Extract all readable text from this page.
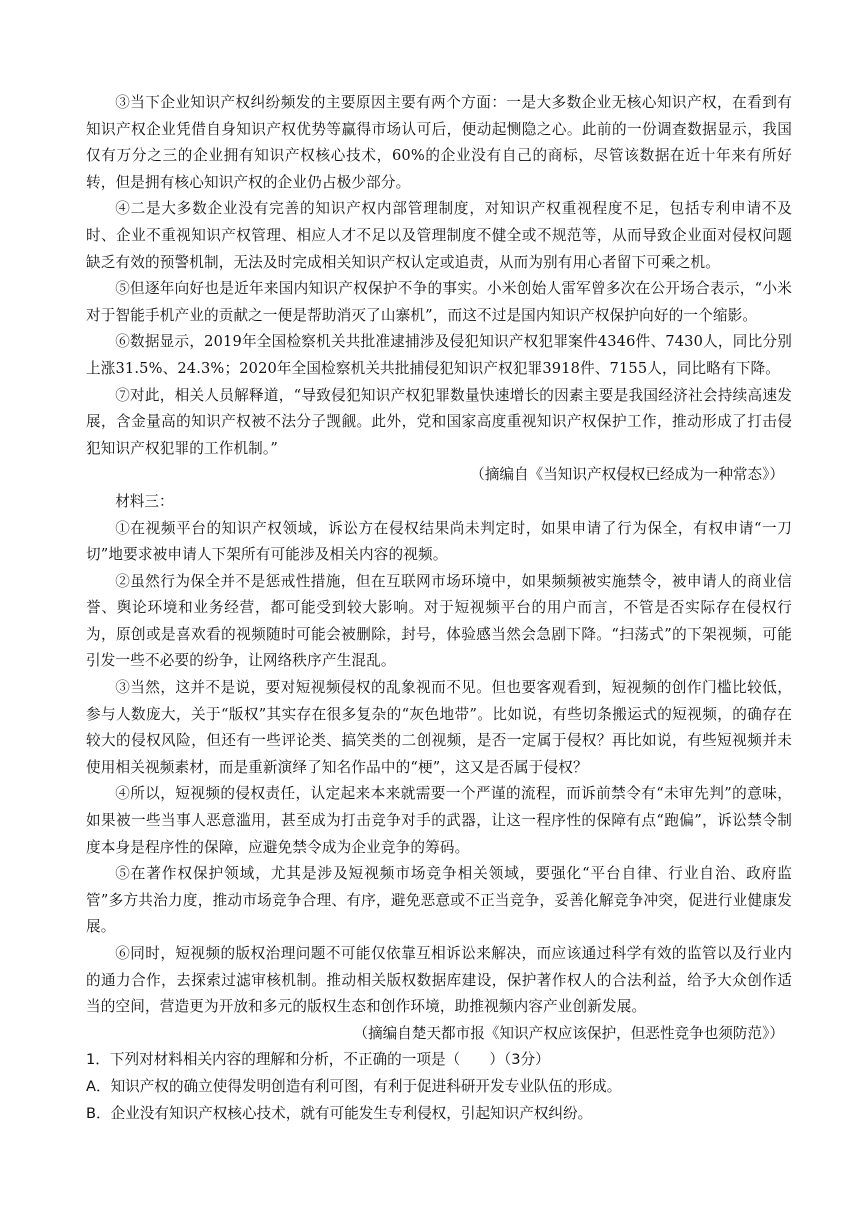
③当下企业知识产权纠纷频发的主要原因主要有两个方面：一是大多数企业无核心知识产权，在看到有知识产权企业凭借自身知识产权优势等赢得市场认可后，便动起恻隐之心。此前的一份调查数据显示，我国仅有万分之三的企业拥有知识产权核心技术，60%的企业没有自己的商标，尽管该数据在近十年来有所好转，但是拥有核心知识产权的企业仍占极少部分。

④二是大多数企业没有完善的知识产权内部管理制度，对知识产权重视程度不足，包括专利申请不及时、企业不重视知识产权管理、相应人才不足以及管理制度不健全或不规范等，从而导致企业面对侵权问题缺乏有效的预警机制，无法及时完成相关知识产权认定或追责，从而为别有用心者留下可乘之机。

⑤但逐年向好也是近年来国内知识产权保护不争的事实。小米创始人雷军曾多次在公开场合表示，“小米对于智能手机产业的贡献之一便是帮助消灭了山寨机”，而这不过是国内知识产权保护向好的一个缩影。

⑥数据显示，2019年全国检察机关共批准逮捕涉及侵犯知识产权犯罪案件4346件、7430人，同比分别上涨31.5%、24.3%；2020年全国检察机关共批捕侵犯知识产权犯罪3918件、7155人，同比略有下降。

⑦对此，相关人员解释道，“导致侵犯知识产权犯罪数量快速增长的因素主要是我国经济社会持续高速发展，含金量高的知识产权被不法分子觊觎。此外，党和国家高度重视知识产权保护工作，推动形成了打击侵犯知识产权犯罪的工作机制。”

（摘编自《当知识产权侵权已经成为一种常态》）

材料三：

①在视频平台的知识产权领域，诉讼方在侵权结果尚未判定时，如果申请了行为保全，有权申请“一刀切”地要求被申请人下架所有可能涉及相关内容的视频。

②虽然行为保全并不是惩戒性措施，但在互联网市场环境中，如果频频被实施禁令，被申请人的商业信誉、舆论环境和业务经营，都可能受到较大影响。对于短视频平台的用户而言，不管是否实际存在侵权行为，原创或是喜欢看的视频随时可能会被删除，封号，体验感当然会急剧下降。“扫荡式”的下架视频，可能引发一些不必要的纷争，让网络秩序产生混乱。

③当然，这并不是说，要对短视频侵权的乱象视而不见。但也要客观看到，短视频的创作门槛比较低，参与人数庞大，关于“版权”其实存在很多复杂的“灰色地带”。比如说，有些切条搬运式的短视频，的确存在较大的侵权风险，但还有一些评论类、搞笑类的二创视频，是否一定属于侵权？再比如说，有些短视频并未使用相关视频素材，而是重新演绎了知名作品中的“梗”，这又是否属于侵权？

④所以，短视频的侵权责任，认定起来本来就需要一个严谨的流程，而诉前禁令有“未审先判”的意味，如果被一些当事人恶意滥用，甚至成为打击竞争对手的武器，让这一程序性的保障有点“跑偏”，诉讼禁令制度本身是程序性的保障，应避免禁令成为企业竞争的筹码。

⑤在著作权保护领域，尤其是涉及短视频市场竞争相关领域，要强化“平台自律、行业自治、政府监管”多方共治力度，推动市场竞争合理、有序，避免恶意或不正当竞争，妥善化解竞争冲突，促进行业健康发展。

⑥同时，短视频的版权治理问题不可能仅依靠互相诉讼来解决，而应该通过科学有效的监管以及行业内的通力合作，去探索过滤审核机制。推动相关版权数据库建设，保护著作权人的合法利益，给予大众创作适当的空间，营造更为开放和多元的版权生态和创作环境，助推视频内容产业创新发展。

（摘编自楚天都市报《知识产权应该保护，但恶性竞争也须防范》）

1．下列对材料相关内容的理解和分析，不正确的一项是（　　）（3分）

A．知识产权的确立使得发明创造有利可图，有利于促进科研开发专业队伍的形成。

B．企业没有知识产权核心技术，就有可能发生专利侵权，引起知识产权纠纷。
